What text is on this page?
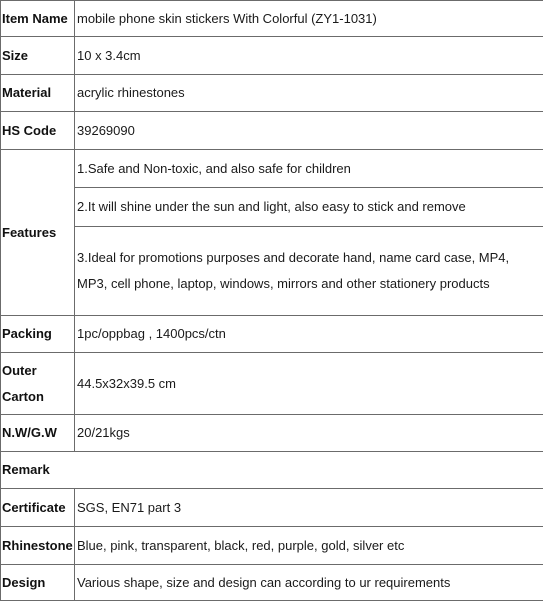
Item Name	mobile phone skin stickers With Colorful (ZY1-1031)
Size	10 x 3.4cm
Material	acrylic rhinestones
HS Code	39269090
Features	1.Safe and Non-toxic, and also safe for children
2.It will shine under the sun and light, also easy to stick and remove
3.Ideal for promotions purposes and decorate hand, name card case, MP4, MP3, cell phone, laptop, windows, mirrors and other stationery products

Packing	1pc/oppbag , 1400pcs/ctn
Outer Carton	44.5x32x39.5 cm
N.W/G.W	20/21kgs
Remark	
Certificate	SGS, EN71 part 3
Rhinestone	Blue, pink, transparent, black, red, purple, gold, silver etc
Design	Various shape, size and design can according to ur requirements
